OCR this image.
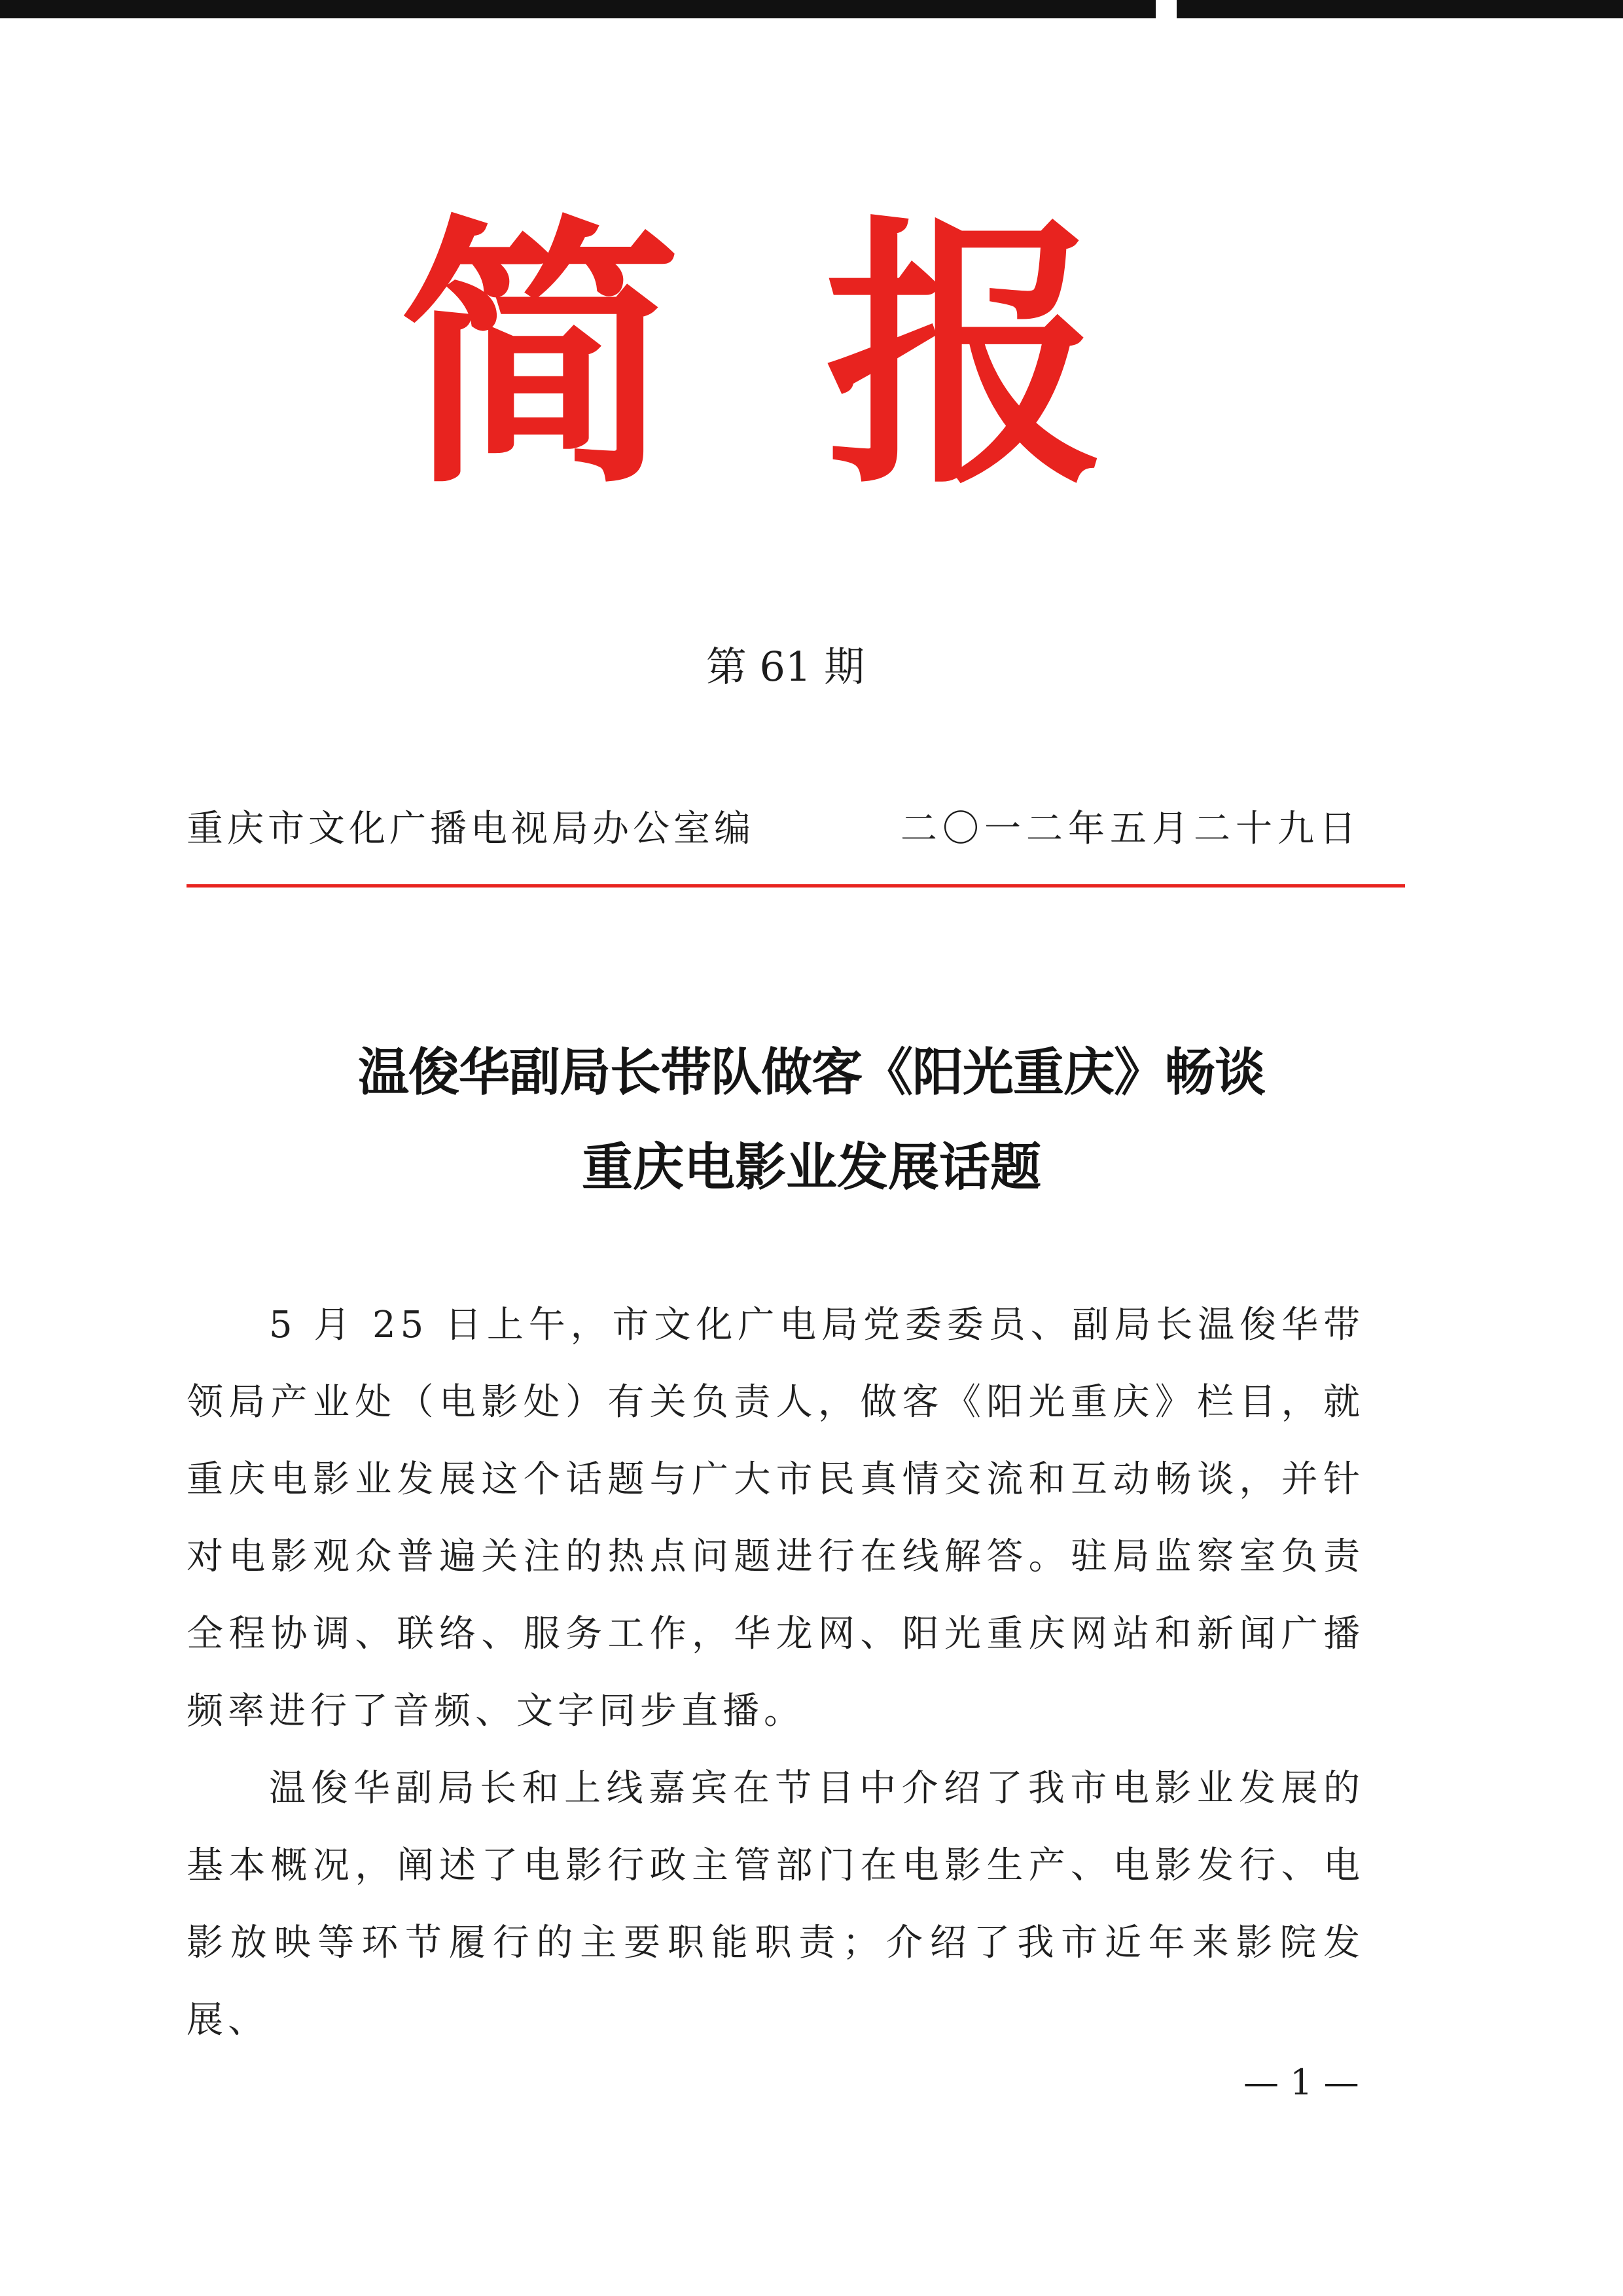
简报
第 61 期
重庆市文化广播电视局办公室编	二〇一二年五月二十九日
温俊华副局长带队做客《阳光重庆》畅谈
重庆电影业发展话题

5 月 25 日上午，市文化广电局党委委员、副局长温俊华带领局产业处（电影处）有关负责人，做客《阳光重庆》栏目，就重庆电影业发展这个话题与广大市民真情交流和互动畅谈，并针对电影观众普遍关注的热点问题进行在线解答。驻局监察室负责全程协调、联络、服务工作，华龙网、阳光重庆网站和新闻广播频率进行了音频、文字同步直播。

温俊华副局长和上线嘉宾在节目中介绍了我市电影业发展的基本概况，阐述了电影行政主管部门在电影生产、电影发行、电影放映等环节履行的主要职能职责；介绍了我市近年来影院发展、

— 1 —
